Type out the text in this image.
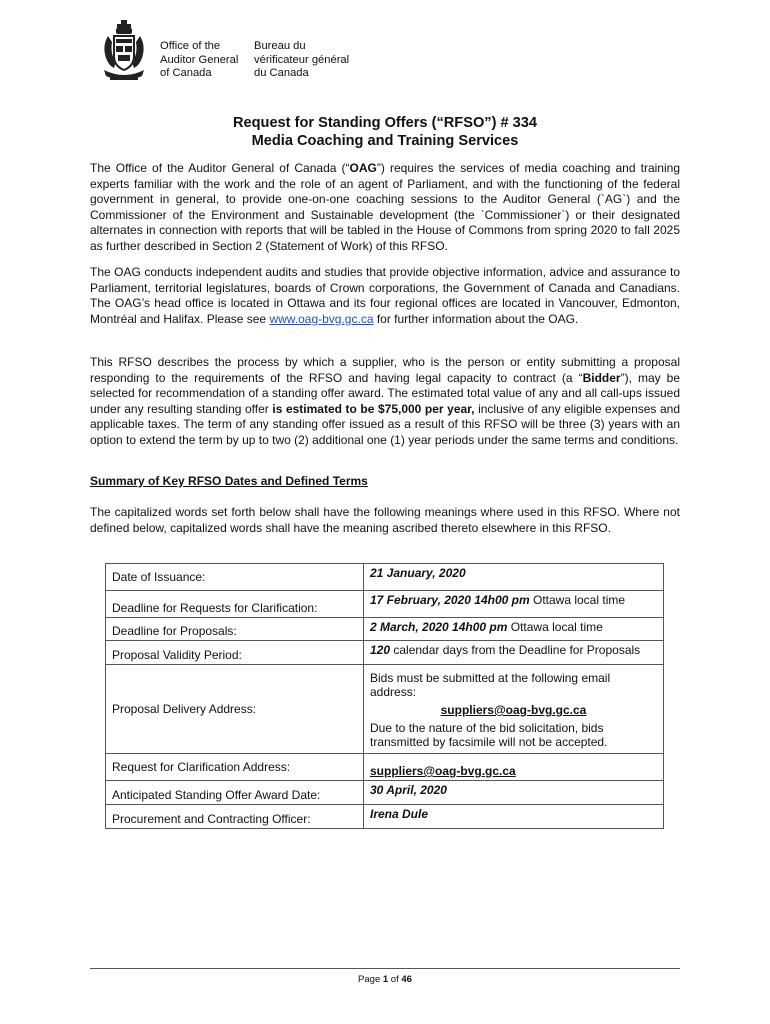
Office of the
Auditor General
of Canada
Bureau du
vérificateur général
du Canada
Request for Standing Offers (“RFSO”) # 334
Media Coaching and Training Services

The Office of the Auditor General of Canada (“OAG”) requires the services of media coaching and training experts familiar with the work and the role of an agent of Parliament, and with the functioning of the federal government in general, to provide one-on-one coaching sessions to the Auditor General (`AG`) and the Commissioner of the Environment and Sustainable development (the `Commissioner`) or their designated alternates in connection with reports that will be tabled in the House of Commons from spring 2020 to fall 2025 as further described in Section 2 (Statement of Work) of this RFSO.

The OAG conducts independent audits and studies that provide objective information, advice and assurance to Parliament, territorial legislatures, boards of Crown corporations, the Government of Canada and Canadians. The OAG’s head office is located in Ottawa and its four regional offices are located in Vancouver, Edmonton, Montréal and Halifax. Please see www.oag-bvg.gc.ca for further information about the OAG.

This RFSO describes the process by which a supplier, who is the person or entity submitting a proposal responding to the requirements of the RFSO and having legal capacity to contract (a “Bidder”), may be selected for recommendation of a standing offer award. The estimated total value of any and all call-ups issued under any resulting standing offer is estimated to be $75,000 per year, inclusive of any eligible expenses and applicable taxes. The term of any standing offer issued as a result of this RFSO will be three (3) years with an option to extend the term by up to two (2) additional one (1) year periods under the same terms and conditions.

Summary of Key RFSO Dates and Defined Terms

The capitalized words set forth below shall have the following meanings where used in this RFSO. Where not defined below, capitalized words shall have the meaning ascribed thereto elsewhere in this RFSO.

Date of Issuance:	21 January, 2020
Deadline for Requests for Clarification:	17 February, 2020 14h00 pm Ottawa local time
Deadline for Proposals:	2 March, 2020 14h00 pm Ottawa local time
Proposal Validity Period:	120 calendar days from the Deadline for Proposals
Proposal Delivery Address:	Bids must be submitted at the following email address:
suppliers@oag-bvg.gc.ca
Due to the nature of the bid solicitation, bids transmitted by facsimile will not be accepted.

Request for Clarification Address:	suppliers@oag-bvg.gc.ca
Anticipated Standing Offer Award Date:	30 April, 2020
Procurement and Contracting Officer:	Irena Dule
Page 1 of 46
